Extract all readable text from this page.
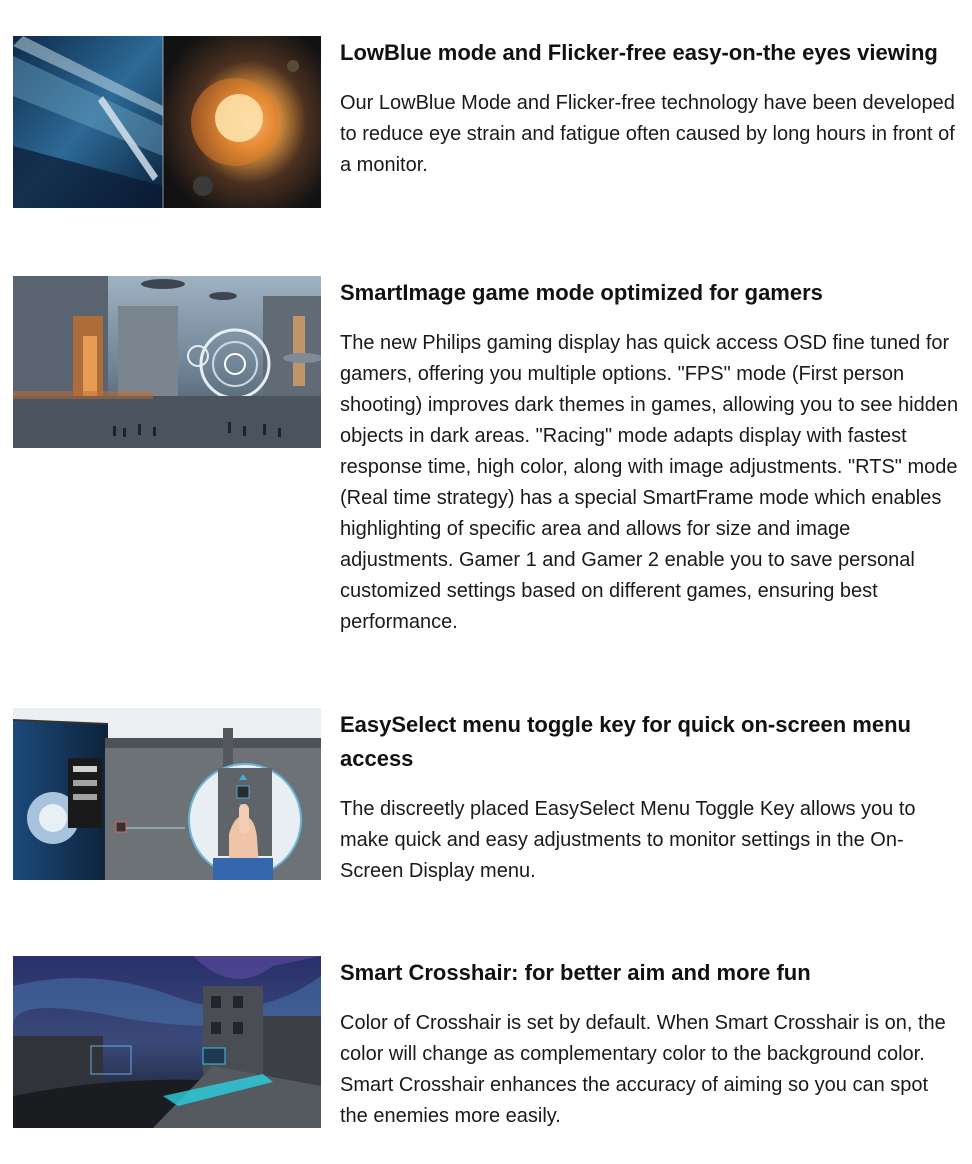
LowBlue mode and Flicker-free easy-on-the eyes viewing

Our LowBlue Mode and Flicker-free technology have been developed to reduce eye strain and fatigue often caused by long hours in front of a monitor.

SmartImage game mode optimized for gamers

The new Philips gaming display has quick access OSD fine tuned for gamers, offering you multiple options. "FPS" mode (First person shooting) improves dark themes in games, allowing you to see hidden objects in dark areas. "Racing" mode adapts display with fastest response time, high color, along with image adjustments. "RTS" mode (Real time strategy) has a special SmartFrame mode which enables highlighting of specific area and allows for size and image adjustments. Gamer 1 and Gamer 2 enable you to save personal customized settings based on different games, ensuring best performance.

EasySelect menu toggle key for quick on-screen menu access

The discreetly placed EasySelect Menu Toggle Key allows you to make quick and easy adjustments to monitor settings in the On-Screen Display menu.

Smart Crosshair: for better aim and more fun

Color of Crosshair is set by default. When Smart Crosshair is on, the color will change as complementary color to the background color. Smart Crosshair enhances the accuracy of aiming so you can spot the enemies more easily.
